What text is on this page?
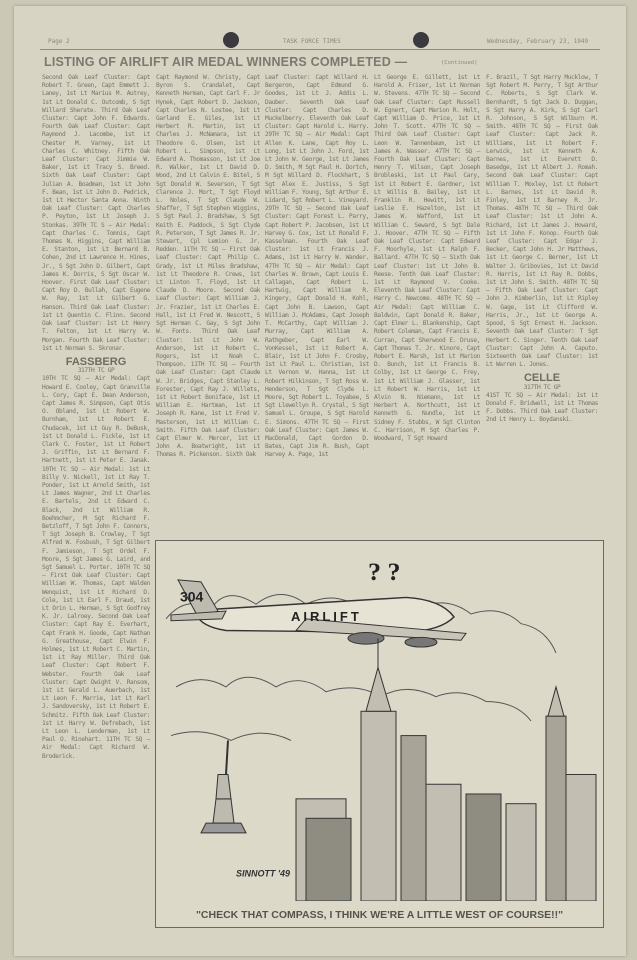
Page 2	TASK FORCE TIMES	Wednesday, February 23, 1949
LISTING OF AIRLIFT AIR MEDAL WINNERS COMPLETED —	(Continued)

Second Oak Leaf Cluster: Capt Robert T. Green, Capt Emmett J. Laney, 1st Lt Marius M. Autrey, 1st Lt Donald C. Outcomb, S Sgt Willard Sherate. Third Oak Leaf Cluster: Capt John F. Edwards. Fourth Oak Leaf Cluster: Capt Raymond J. Lacombe, 1st Lt Chester M. Varney, 1st Lt Charles C. Whitney. Fifth Oak Leaf Cluster: Capt Jimmie W. Baker, 1st Lt Tracy S. Breed. Sixth Oak Leaf Cluster: Capt Julian A. Boadman, 1st Lt John F. Bean, 1st Lt John D. Pedrick, 1st Lt Hector Santa Anna. Ninth Oak Leaf Cluster: Capt Charles P. Peyton, 1st Lt Joseph J. Stonkas. 39TH TC S — Air Medal: Capt Charles C. Tomnis, Capt Thomas N. Higgins, Capt William E. Stanton, 1st Lt Bernard B. Cohen, 2nd Lt Lawrence H. Hines, Jr., S Sgt John D. Gilbert, Capt James K. Dorris, S Sgt Oscar W. Hoover. First Oak Leaf Cluster: Capt Roy D. Bullah, Capt Eugene W. Ray, 1st Lt Gilbert G. Hanson. Third Oak Leaf Cluster: 1st Lt Quentin C. Flinn. Second Oak Leaf Cluster: 1st Lt Henry T. Felton, 1st Lt Harry W. Morgan. Fourth Oak Leaf Cluster: 1st Lt Norman S. Skronar.

FASSBERG

317TH TC GP

10TH TC SQ — Air Medal: Capt Howard E. Cooley, Capt Granville L. Cory, Capt E. Dean Anderson, Capt James R. Simpson, Capt Otis O. Obland, 1st Lt Robert W. Burnham, 1st Lt Robert E. Chudacek, 1st Lt Guy R. DeBusk, 1st Lt Donald L. Fickle, 1st Lt Clark C. Foster, 1st Lt Robert J. Griffin, 1st Lt Bernard F. Hartnett, 1st Lt Peter E. Janak. 10TH TC SQ — Air Medal: 1st Lt Billy V. Nickell, 1st Lt Ray T. Ponder, 1st Lt Arnold Smith, 1st Lt James Wagner, 2nd Lt Charles E. Bartels, 2nd Lt Edward C. Black, 2nd Lt William R. Boehmcher, M Sgt Richard F. Betzloff, T Sgt John F. Connors, T Sgt Joseph B. Crowley, T Sgt Alfred W. Fosbush, T Sgt Gilbert F. Jamieson, T Sgt Ordel F. Moore, S Sgt James G. Laird, and Sgt Samuel L. Porter. 10TH TC SQ — First Oak Leaf Cluster: Capt William W. Thomas, Capt Walden Wenquist, 1st Lt Richard D. Cole, 1st Lt Earl F. Draud, 1st Lt Orin L. Herman, S Sgt Godfrey K. Jr. Lalroey. Second Oak Leaf Cluster: Capt Ray E. Everhart, Capt Frank H. Goode, Capt Nathan G. Greathouse, Capt Elwin F. Holmes, 1st Lt Robert C. Martin, 1st Lt Ray Miller. Third Oak Leaf Cluster: Capt Robert F. Webster. Fourth Oak Leaf Cluster: Capt Dwight V. Ransom, 1st Lt Gerald L. Auerbach, 1st Lt Leon F. Marrie, 1st Lt Karl J. Sandoversky, 1st Lt Robert E. Schmitz. Fifth Oak Leaf Cluster: 1st Lt Harry W. Defrebach, 1st Lt Leon L. Lenderman, 1st Lt Paul O. Rinehart. 11TH TC SQ — Air Medal: Capt Richard W. Broderick.

Capt Raymond W. Christy, Capt Byron S. Crandalet, Capt Kenneth Herman, Capt Carl F. Jr Hynek, Capt Robert D. Jackson, Capt Charles N. Lostee, 1st Lt Garland E. Giles, 1st Lt Herbert R. Martin, 1st Lt Charles J. McNamara, 1st Lt Theodore G. Olsen, 1st Lt Robert L. Simpson, 1st Lt Edward A. Thomasson, 1st Lt Joe R. Walker, 1st Lt David D. Wood, 2nd Lt Calvin E. Bitel, S Sgt Donald W. Severson, T Sgt Clarence J. Mort, T Sgt Floyd L. Noles, T Sgt Claude W. Shaffer, T Sgt Stephen Wiggins, S Sgt Paul J. Bradshaw, S Sgt Keith E. Paddock, S Sgt Clyde R. Peterson, T Sgt James R. Jr. Stewart, Cpl Lemion G. Jr. Redden. 11TH TC SQ — First Oak Leaf Cluster: Capt Philip C. Grady, 1st Lt Miles Bradshaw, 1st Lt Theodore R. Crews, 1st Lt Linton T. Floyd, 1st Lt Claude D. Moore. Second Oak Leaf Cluster: Capt William J. Jr. Frazier, 1st Lt Charles E. Hall, 1st Lt Fred W. Nescott, S Sgt Herman C. Gay, S Sgt John W. Fonts. Third Oak Leaf Cluster: 1st Lt John W. Anderson, 1st Lt Robert C. Rogers, 1st Lt Noah C. Thompson. 11TH TC SQ — Fourth Oak Leaf Cluster: Capt Claude W. Jr. Bridges, Capt Stanley L. Forester, Capt Ray J. Willets, 1st Lt Robert Boniface, 1st Lt William E. Hartman, 1st Lt Joseph R. Kane, 1st Lt Fred V. Masterson, 1st Lt William C. Smith. Fifth Oak Leaf Cluster: Capt Elmer W. Mercer, 1st Lt John A. Boatwright, 1st Lt Thomas R. Pickenson. Sixth Oak

Leaf Cluster: Capt Willard H. Bergeron, Capt Edmund G. Goodes, 1st Lt J. Addis L. Dauber. Seventh Oak Leaf Cluster: Capt Charles D. Muckelberry. Eleventh Oak Leaf Cluster: Capt Harold L. Harry. 29TH TC SQ — Air Medal: Capt Allen K. Lane, Capt Roy L. Long, 1st Lt John J. Ford, 1st Lt John W. George, 1st Lt James D. Smith, M Sgt Paul H. Dortch, M Sgt Willard D. Flockhart, S Sgt Alex E. Justiss, S Sgt William F. Young, Sgt Arthur E. Lidard, Sgt Robert L. Vineyard. 29TH TC SQ — Second Oak Leaf Cluster: Capt Forest L. Parry, Capt Robert P. Jacobsen, 1st Lt Harvey G. Cox, 1st Lt Ronald F. Kasselman. Fourth Oak Leaf Cluster: 1st Lt Francis J. Adams, 1st Lt Harry W. Wander. 47TH TC SQ — Air Medal: Capt Charles W. Brown, Capt Louis E. Callagan, Capt Robert L. Hartwig, Capt William R. Kingery, Capt Donald H. Kohl, Capt John B. Lawson, Capt William J. McAdams, Capt Joseph T. McCarthy, Capt William J. Murray, Capt William A. Rathgeber, Capt Earl W. VonKessel, 1st Lt Robert A. Blair, 1st Lt John F. Crosby, 1st Lt Paul L. Christian, 1st Lt Vernon W. Hanna, 1st Lt Robert Hilkinson, T Sgt Ross W. Henderson, T Sgt Clyde L. Moore, Sgt Robert L. Toyabee, S Sgt Llewellyn R. Crystal, S Sgt Samuel L. Groupe, S Sgt Harold E. Simons. 47TH TC SQ — First Oak Leaf Cluster: Capt James W. MacDonald, Capt Gordon D. Bates, Capt Jim R. Bush, Capt Harvey A. Page, 1st

Lt George E. Gillett, 1st Lt Harold A. Friser, 1st Lt Norman W. Stevens. 47TH TC SQ — Second Oak Leaf Cluster: Capt Russell W. Egnert, Capt Marion R. Holt, Capt William D. Price, 1st Lt John T. Scott. 47TH TC SQ — Third Oak Leaf Cluster: Capt Leon W. Tannenbaum, 1st Lt James A. Wasser. 47TH TC SQ — Fourth Oak Leaf Cluster: Capt Henry T. Wilson, Capt Joseph Brobleski, 1st Lt Paul Cary, 1st Lt Robert E. Gardner, 1st Lt Willis B. Bailey, 1st Lt Franklin R. Hewitt, 1st Lt Leslie E. Hazelton, 1st Lt James W. Wafford, 1st Lt William C. Seward, S Sgt Dale J. Hoover. 47TH TC SQ — Fifth Oak Leaf Cluster: Capt Edward F. Moorhyle, 1st Lt Ralph F. Ballard. 47TH TC SQ — Sixth Oak Leaf Cluster: 1st Lt John B. Reese. Tenth Oak Leaf Cluster: 1st Lt Raymond V. Cooke. Eleventh Oak Leaf Cluster: Capt Harry C. Newcome. 48TH TC SQ — Air Medal: Capt William C. Baldwin, Capt Donald R. Baker, Capt Elmer L. Blankenship, Capt Robert Coleman, Capt Francis E. Curran, Capt Sherwood E. Druse, Capt Thomas T. Jr. Kinore, Capt Robert E. Marsh, 1st Lt Marion D. Bunch, 1st Lt Francis B. Colby, 1st Lt George C. Frey, 1st Lt William J. Glasser, 1st Lt Robert W. Harris, 1st Lt Alvin N. Niemann, 1st Lt Herbert A. Northcutt, 1st Lt Kenneth G. Nundle, 1st Lt Sidney F. Stubbs, W Sgt Clinton C. Harrison, M Sgt Charles P. Woodward, T Sgt Howard

F. Brazil, T Sgt Harry Mucklow, T Sgt Robert M. Perry, T Sgt Arthur C. Roberts, S Sgt Clark W. Bernhardt, S Sgt Jack D. Duggan, S Sgt Harry A. Kirk, S Sgt Carl R. Johnson, S Sgt Wilburn M. Smith. 48TH TC SQ — First Oak Leaf Cluster: Capt Jack R. Williams, 1st Lt Robert F. Lerwick, 1st Lt Kenneth A. Barnes, 1st Lt Everett D. Basedge, 1st Lt Albert J. Romah. Second Oak Leaf Cluster: Capt William T. Moxley, 1st Lt Robert L. Barnes, 1st Lt David R. Finley, 1st Lt Barney R. Jr. Thomas. 48TH TC SQ — Third Oak Leaf Cluster: 1st Lt John A. Richard, 1st Lt James J. Howard, 1st Lt John F. Konop. Fourth Oak Leaf Cluster: Capt Edgar J. Becker, Capt John H. Jr Matthews, 1st Lt George C. Berner, 1st Lt Walter J. Gribovies, 1st Lt David R. Harris, 1st Lt Ray R. Dobbs, 1st Lt John S. Smith. 48TH TC SQ — Fifth Oak Leaf Cluster: Capt John J. Kimberlin, 1st Lt Ripley W. Gage, 1st Lt Clifford W. Harris, Jr., 1st Lt George A. Spood, S Sgt Ernest H. Jackson. Seventh Oak Leaf Cluster: T Sgt Herbert C. Singer. Tenth Oak Leaf Cluster: Capt John A. Caputo. Sixteenth Oak Leaf Cluster: 1st Lt Warren L. Jones.

CELLE

317TH TC GP

41ST TC SQ — Air Medal: 1st Lt Donald F. Bridwell, 1st Lt Thomas F. Dobbs. Third Oak Leaf Cluster: 2nd Lt Henry L. Boydanski.

304
AIRLIFT
? ?
SINNOTT '49
"CHECK THAT COMPASS, I THINK WE'RE A LITTLE WEST OF COURSE!!"
